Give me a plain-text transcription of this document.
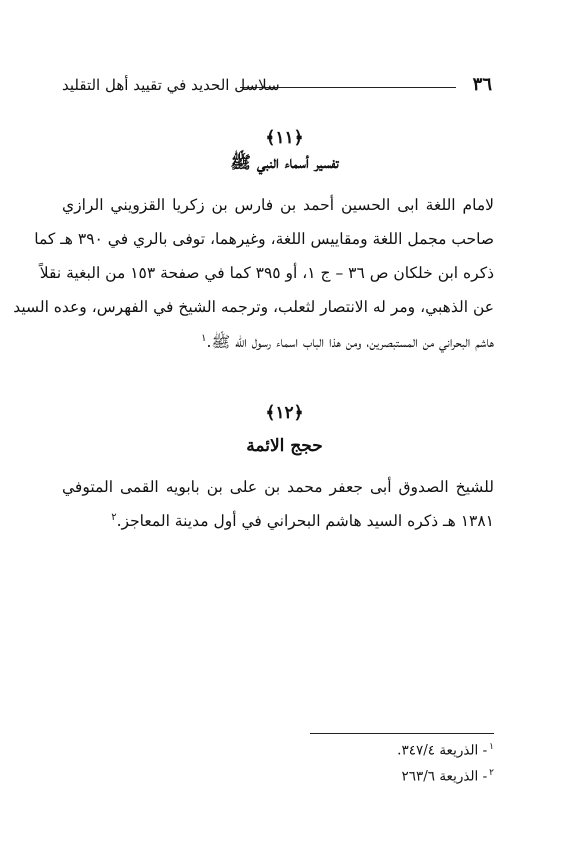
٣٦
سلاسل الحديد في تقييد أهل التقليد
﴿١١﴾
تفسير أسماء النبي ﷺ
لامام اللغة ابى الحسين أحمد بن فارس بن زكريا القزويني الرازي
صاحب مجمل اللغة ومقاييس اللغة، وغيرهما، توفى بالري في ٣٩٠ هـ كما
ذكره ابن خلكان ص ٣٦ – ج ١، أو ٣٩٥ كما في صفحة ١٥٣ من البغية نقلاً
عن الذهبي، ومر له الانتصار لثعلب، وترجمه الشيخ في الفهرس، وعده السيد
هاشم البحراني من المستبصرين، ومن هذا الباب اسماء رسول الله ﷺ.$^١$
﴿١٢﴾
حجج الائمة
للشيخ الصدوق أبى جعفر محمد بن على بن بابويه القمى المتوفي
١٣٨١ هـ ذكره السيد هاشم البحراني في أول مدينة المعاجز.$^٢$
$^١$- الذريعة ٣٤٧/٤.
$^٢$- الذريعة ٢٦٣/٦
